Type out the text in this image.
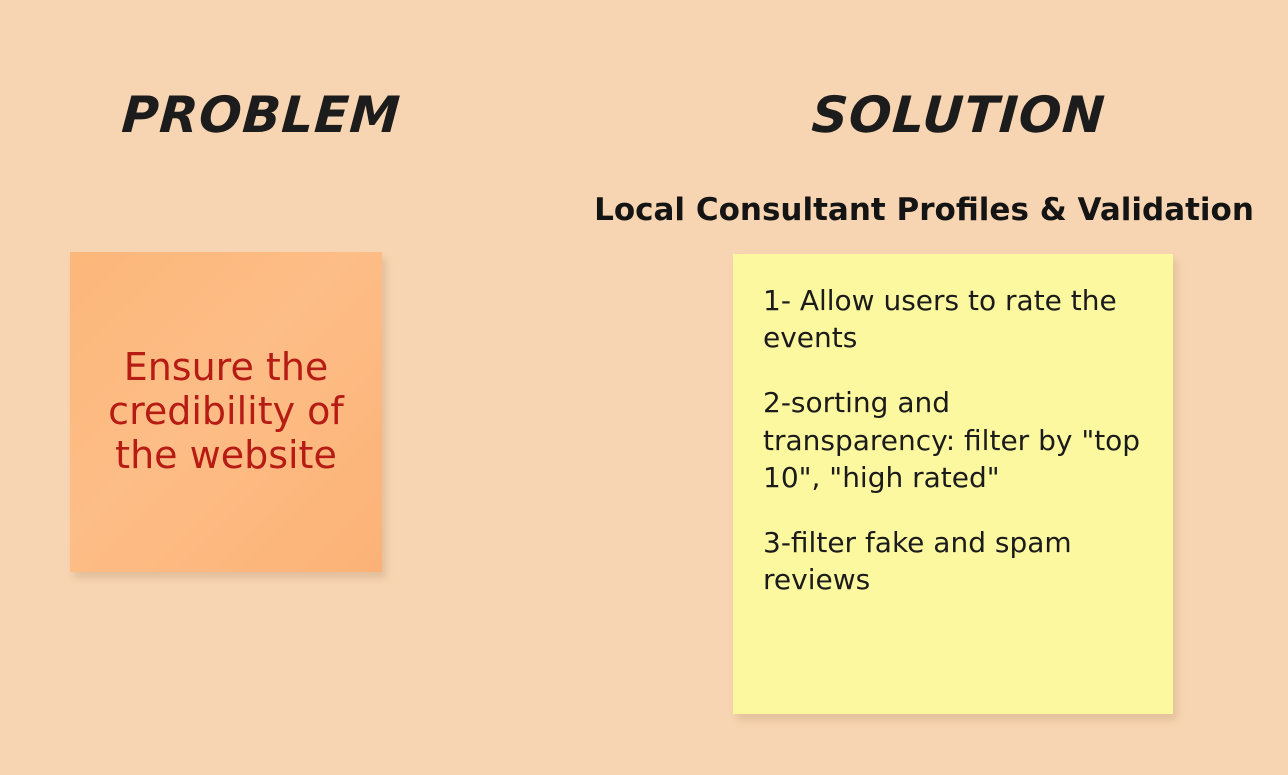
PROBLEM	SOLUTION
Local Consultant Profiles & Validation
Ensure the credibility of the website

1- Allow users to rate the events

2-sorting and transparency: filter by "top 10", "high rated"

3-filter fake and spam reviews
